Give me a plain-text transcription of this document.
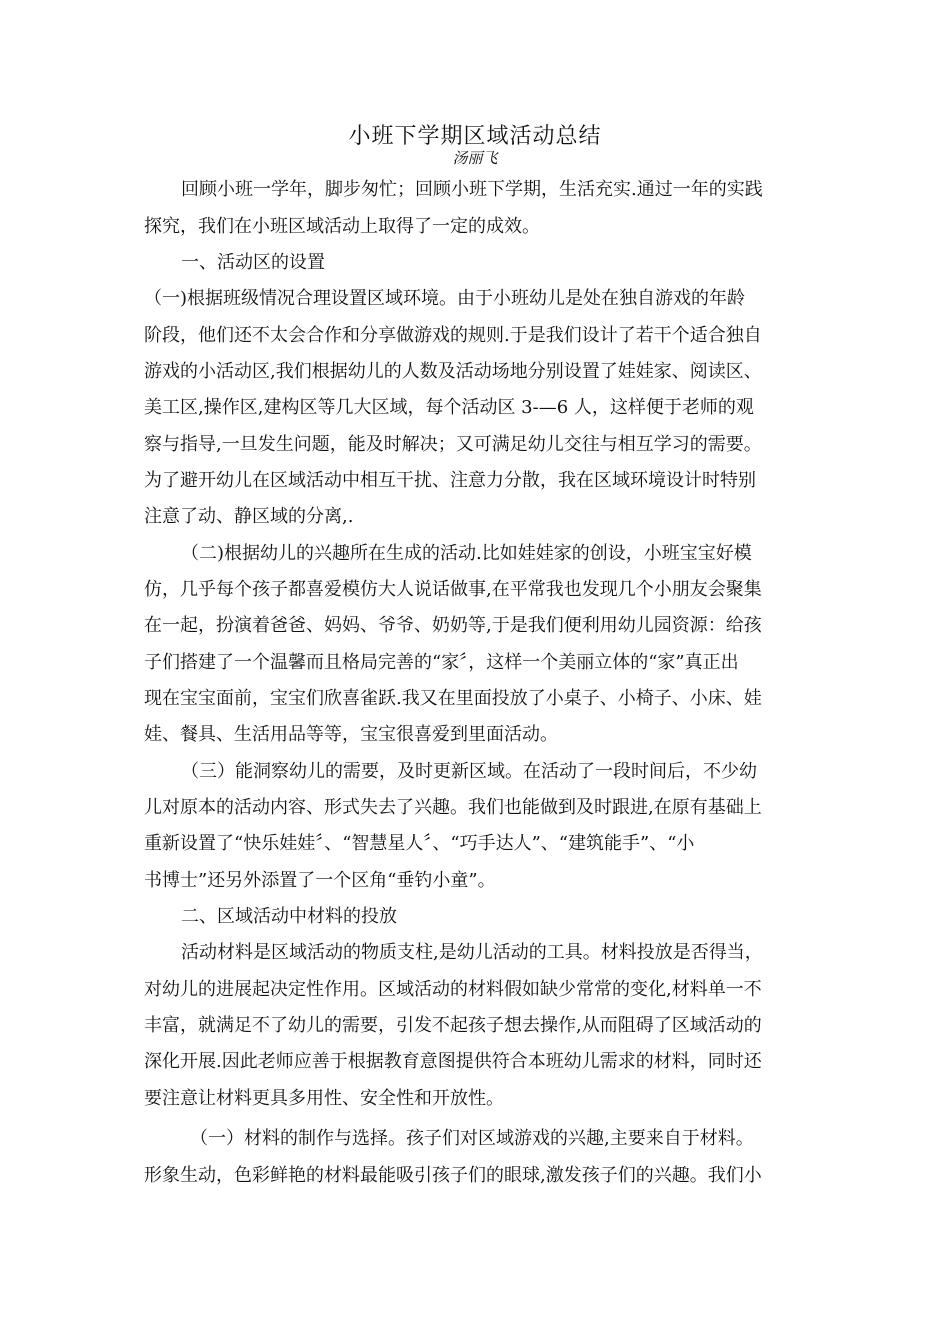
小班下学期区域活动总结
汤丽飞
回顾小班一学年，脚步匆忙；回顾小班下学期，生活充实.通过一年的实践
探究，我们在小班区域活动上取得了一定的成效。
一、活动区的设置
（一)根据班级情况合理设置区域环境。由于小班幼儿是处在独自游戏的年龄
阶段，他们还不太会合作和分享做游戏的规则.于是我们设计了若干个适合独自
游戏的小活动区,我们根据幼儿的人数及活动场地分别设置了娃娃家、阅读区、
美工区,操作区,建构区等几大区域，每个活动区 3-—6 人，这样便于老师的观
察与指导,一旦发生问题，能及时解决；又可满足幼儿交往与相互学习的需要。
为了避开幼儿在区域活动中相互干扰、注意力分散，我在区域环境设计时特别
注意了动、静区域的分离,.
（二)根据幼儿的兴趣所在生成的活动.比如娃娃家的创设，小班宝宝好模
仿，几乎每个孩子都喜爱模仿大人说话做事,在平常我也发现几个小朋友会聚集
在一起，扮演着爸爸、妈妈、爷爷、奶奶等,于是我们便利用幼儿园资源：给孩
子们搭建了一个温馨而且格局完善的“家〞，这样一个美丽立体的“家”真正出
现在宝宝面前，宝宝们欣喜雀跃.我又在里面投放了小桌子、小椅子、小床、娃
娃、餐具、生活用品等等，宝宝很喜爱到里面活动。
（三）能洞察幼儿的需要，及时更新区域。在活动了一段时间后，不少幼
儿对原本的活动内容、形式失去了兴趣。我们也能做到及时跟进,在原有基础上
重新设置了“快乐娃娃〞、“智慧星人〞、“巧手达人”、“建筑能手”、“小
书博士”还另外添置了一个区角“垂钓小童”。
二、区域活动中材料的投放
活动材料是区域活动的物质支柱,是幼儿活动的工具。材料投放是否得当，
对幼儿的进展起决定性作用。区域活动的材料假如缺少常常的变化,材料单一不
丰富，就满足不了幼儿的需要，引发不起孩子想去操作,从而阻碍了区域活动的
深化开展.因此老师应善于根据教育意图提供符合本班幼儿需求的材料，同时还
要注意让材料更具多用性、安全性和开放性。
（一）材料的制作与选择。孩子们对区域游戏的兴趣,主要来自于材料。
形象生动，色彩鲜艳的材料最能吸引孩子们的眼球,激发孩子们的兴趣。我们小
